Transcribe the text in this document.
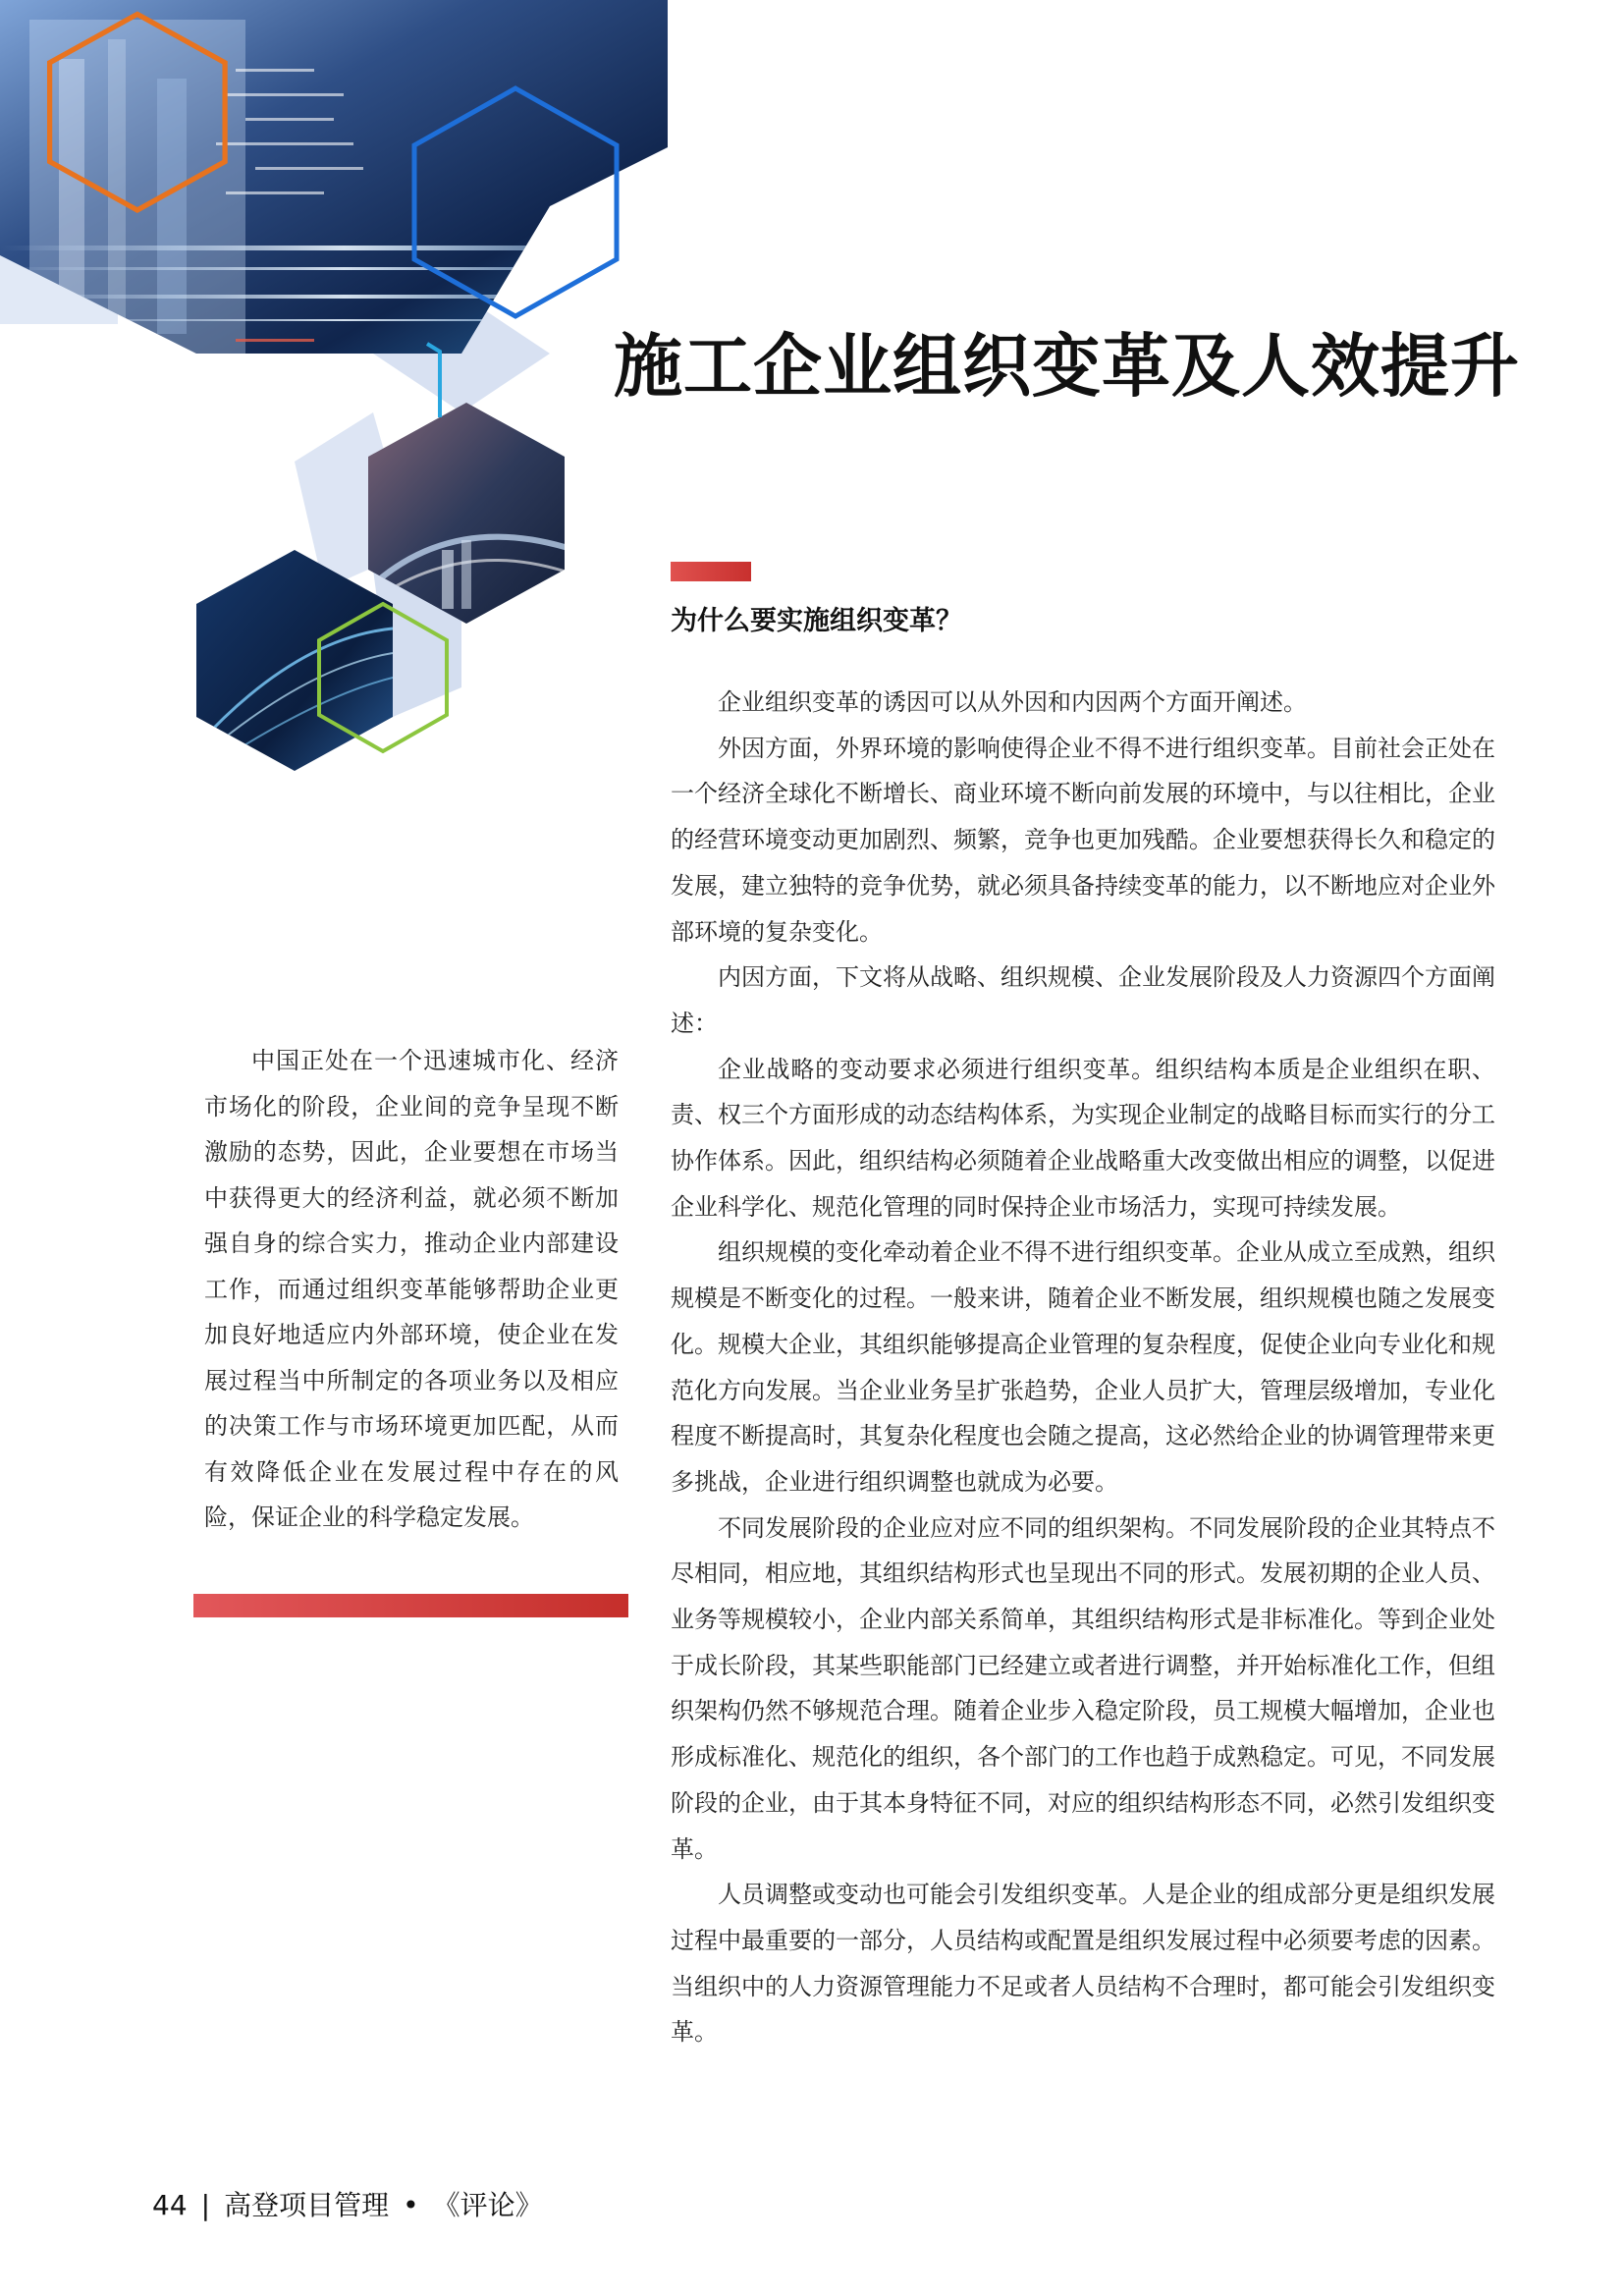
施工企业组织变革及人效提升
为什么要实施组织变革？

企业组织变革的诱因可以从外因和内因两个方面开阐述。

外因方面，外界环境的影响使得企业不得不进行组织变革。目前社会正处在一个经济全球化不断增长、商业环境不断向前发展的环境中，与以往相比，企业的经营环境变动更加剧烈、频繁，竞争也更加残酷。企业要想获得长久和稳定的发展，建立独特的竞争优势，就必须具备持续变革的能力，以不断地应对企业外部环境的复杂变化。

内因方面，下文将从战略、组织规模、企业发展阶段及人力资源四个方面阐述：

企业战略的变动要求必须进行组织变革。组织结构本质是企业组织在职、责、权三个方面形成的动态结构体系，为实现企业制定的战略目标而实行的分工协作体系。因此，组织结构必须随着企业战略重大改变做出相应的调整，以促进企业科学化、规范化管理的同时保持企业市场活力，实现可持续发展。

组织规模的变化牵动着企业不得不进行组织变革。企业从成立至成熟，组织规模是不断变化的过程。一般来讲，随着企业不断发展，组织规模也随之发展变化。规模大企业，其组织能够提高企业管理的复杂程度，促使企业向专业化和规范化方向发展。当企业业务呈扩张趋势，企业人员扩大，管理层级增加，专业化程度不断提高时，其复杂化程度也会随之提高，这必然给企业的协调管理带来更多挑战，企业进行组织调整也就成为必要。

不同发展阶段的企业应对应不同的组织架构。不同发展阶段的企业其特点不尽相同，相应地，其组织结构形式也呈现出不同的形式。发展初期的企业人员、业务等规模较小，企业内部关系简单，其组织结构形式是非标准化。等到企业处于成长阶段，其某些职能部门已经建立或者进行调整，并开始标准化工作，但组织架构仍然不够规范合理。随着企业步入稳定阶段，员工规模大幅增加，企业也形成标准化、规范化的组织，各个部门的工作也趋于成熟稳定。可见，不同发展阶段的企业，由于其本身特征不同，对应的组织结构形态不同，必然引发组织变革。

人员调整或变动也可能会引发组织变革。人是企业的组成部分更是组织发展过程中最重要的一部分，人员结构或配置是组织发展过程中必须要考虑的因素。当组织中的人力资源管理能力不足或者人员结构不合理时，都可能会引发组织变革。

中国正处在一个迅速城市化、经济市场化的阶段，企业间的竞争呈现不断激励的态势，因此，企业要想在市场当中获得更大的经济利益，就必须不断加强自身的综合实力，推动企业内部建设工作，而通过组织变革能够帮助企业更加良好地适应内外部环境，使企业在发展过程当中所制定的各项业务以及相应的决策工作与市场环境更加匹配，从而有效降低企业在发展过程中存在的风险，保证企业的科学稳定发展。

44 | 高登项目管理 • 《评论》
